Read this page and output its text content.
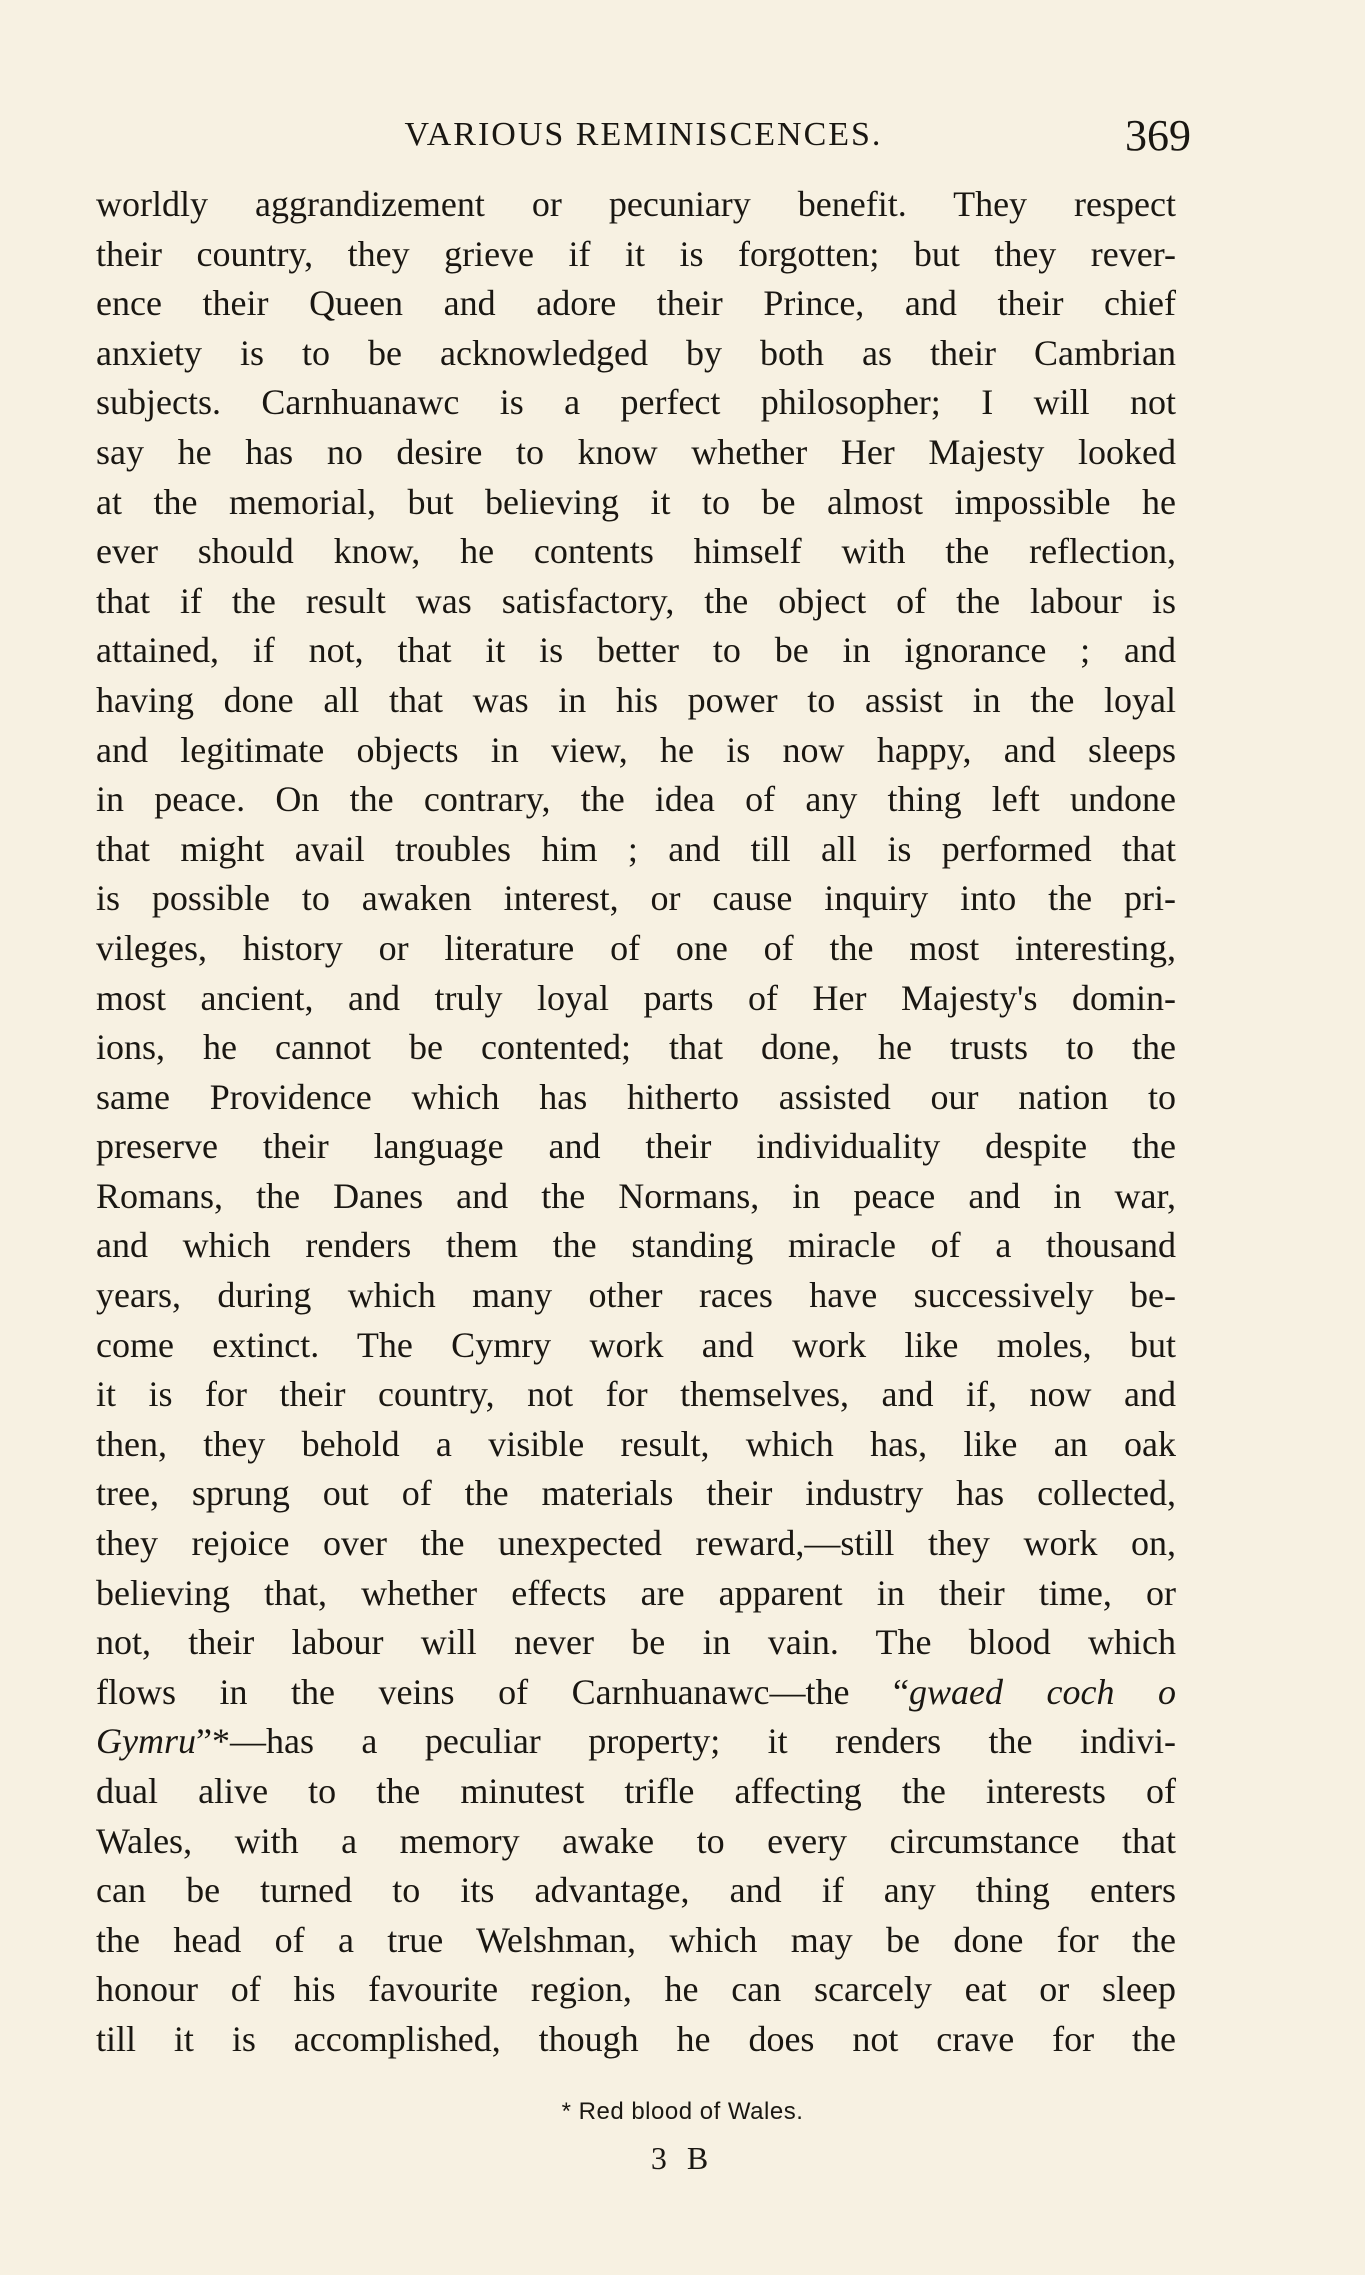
VARIOUS REMINISCENCES.	369
worldly aggrandizement or pecuniary benefit. They respect
their country, they grieve if it is forgotten; but they rever-
ence their Queen and adore their Prince, and their chief
anxiety is to be acknowledged by both as their Cambrian
subjects. Carnhuanawc is a perfect philosopher; I will not
say he has no desire to know whether Her Majesty looked
at the memorial, but believing it to be almost impossible he
ever should know, he contents himself with the reflection,
that if the result was satisfactory, the object of the labour is
attained, if not, that it is better to be in ignorance ; and
having done all that was in his power to assist in the loyal
and legitimate objects in view, he is now happy, and sleeps
in peace. On the contrary, the idea of any thing left undone
that might avail troubles him ; and till all is performed that
is possible to awaken interest, or cause inquiry into the pri-
vileges, history or literature of one of the most interesting,
most ancient, and truly loyal parts of Her Majesty's domin-
ions, he cannot be contented; that done, he trusts to the
same Providence which has hitherto assisted our nation to
preserve their language and their individuality despite the
Romans, the Danes and the Normans, in peace and in war,
and which renders them the standing miracle of a thousand
years, during which many other races have successively be-
come extinct. The Cymry work and work like moles, but
it is for their country, not for themselves, and if, now and
then, they behold a visible result, which has, like an oak
tree, sprung out of the materials their industry has collected,
they rejoice over the unexpected reward,—still they work on,
believing that, whether effects are apparent in their time, or
not, their labour will never be in vain. The blood which
flows in the veins of Carnhuanawc—the “gwaed coch o
Gymru”*—has a peculiar property; it renders the indivi-
dual alive to the minutest trifle affecting the interests of
Wales, with a memory awake to every circumstance that
can be turned to its advantage, and if any thing enters
the head of a true Welshman, which may be done for the
honour of his favourite region, he can scarcely eat or sleep
till it is accomplished, though he does not crave for the
* Red blood of Wales.
3 B
